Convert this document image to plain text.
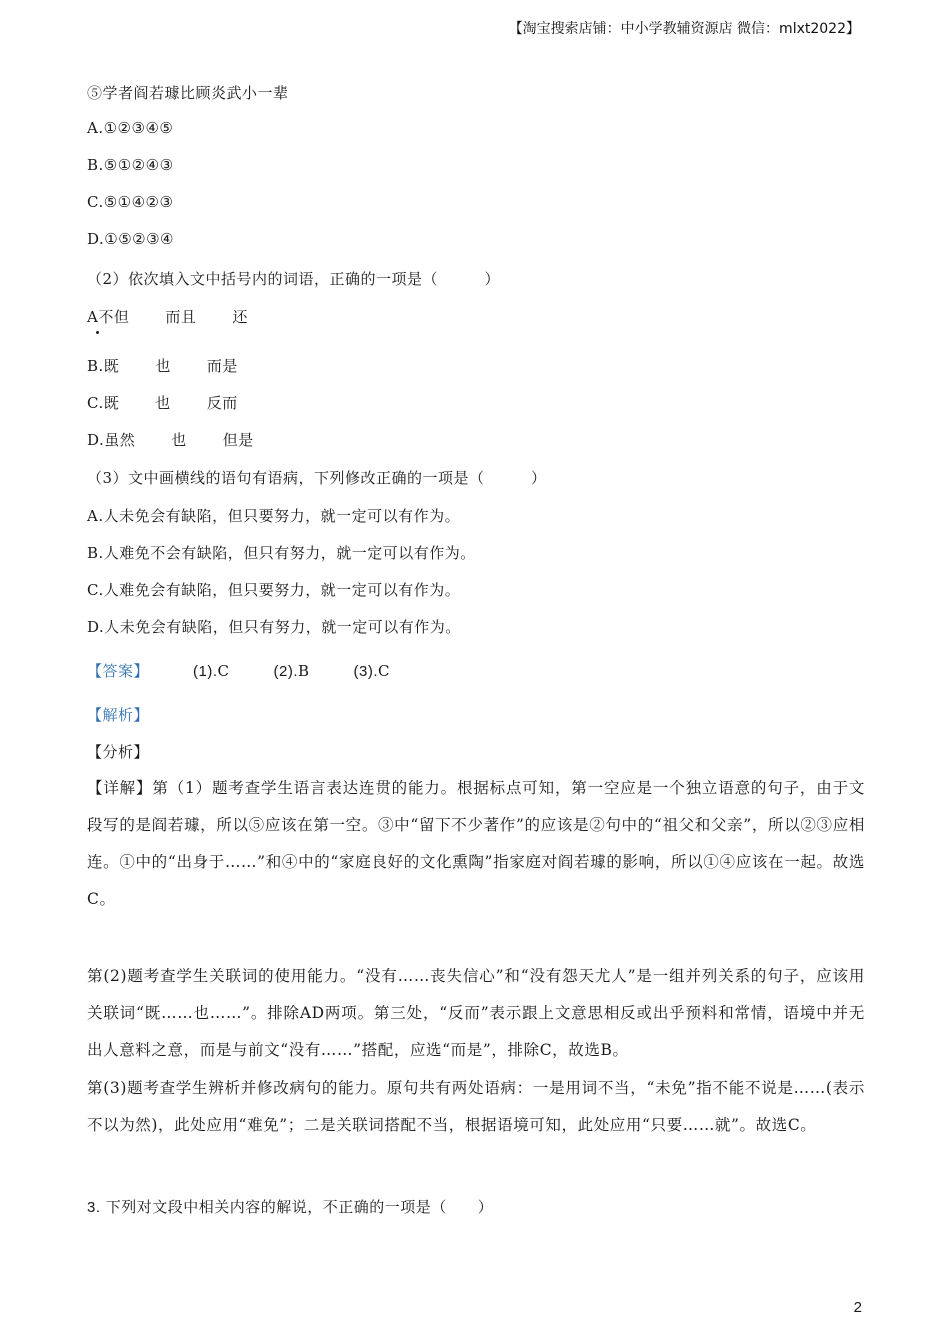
【淘宝搜索店铺：中小学教辅资源店 微信：mlxt2022】
⑤学者阎若璩比顾炎武小一辈
A.①②③④⑤
B.⑤①②④③
C.⑤①④②③
D.①⑤②③④
（2）依次填入文中括号内的词语，正确的一项是（　　　）
A不但 而且 还
B.既 也 而是
C.既 也 反而
D.虽然 也 但是
（3）文中画横线的语句有语病，下列修改正确的一项是（　　　）
A.人未免会有缺陷，但只要努力，就一定可以有作为。
B.人难免不会有缺陷，但只有努力，就一定可以有作为。
C.人难免会有缺陷，但只要努力，就一定可以有作为。
D.人未免会有缺陷，但只有努力，就一定可以有作为。
【答案】	(1).C	(2).B	(3).C
【解析】
【分析】
【详解】第（1）题考查学生语言表达连贯的能力。根据标点可知，第一空应是一个独立语意的句子，由于文段写的是阎若璩，所以⑤应该在第一空。③中“留下不少著作”的应该是②句中的“祖父和父亲”，所以②③应相连。①中的“出身于……”和④中的“家庭良好的文化熏陶”指家庭对阎若璩的影响，所以①④应该在一起。故选C。
第(2)题考查学生关联词的使用能力。“没有……丧失信心”和“没有怨天尤人”是一组并列关系的句子，应该用关联词“既……也……”。排除AD两项。第三处，“反而”表示跟上文意思相反或出乎预料和常情，语境中并无出人意料之意，而是与前文“没有……”搭配，应选“而是”，排除C，故选B。
第(3)题考查学生辨析并修改病句的能力。原句共有两处语病：一是用词不当，“未免”指不能不说是……(表示不以为然)，此处应用“难免”；二是关联词搭配不当，根据语境可知，此处应用“只要……就”。故选C。
3. 下列对文段中相关内容的解说，不正确的一项是（　　）
2
